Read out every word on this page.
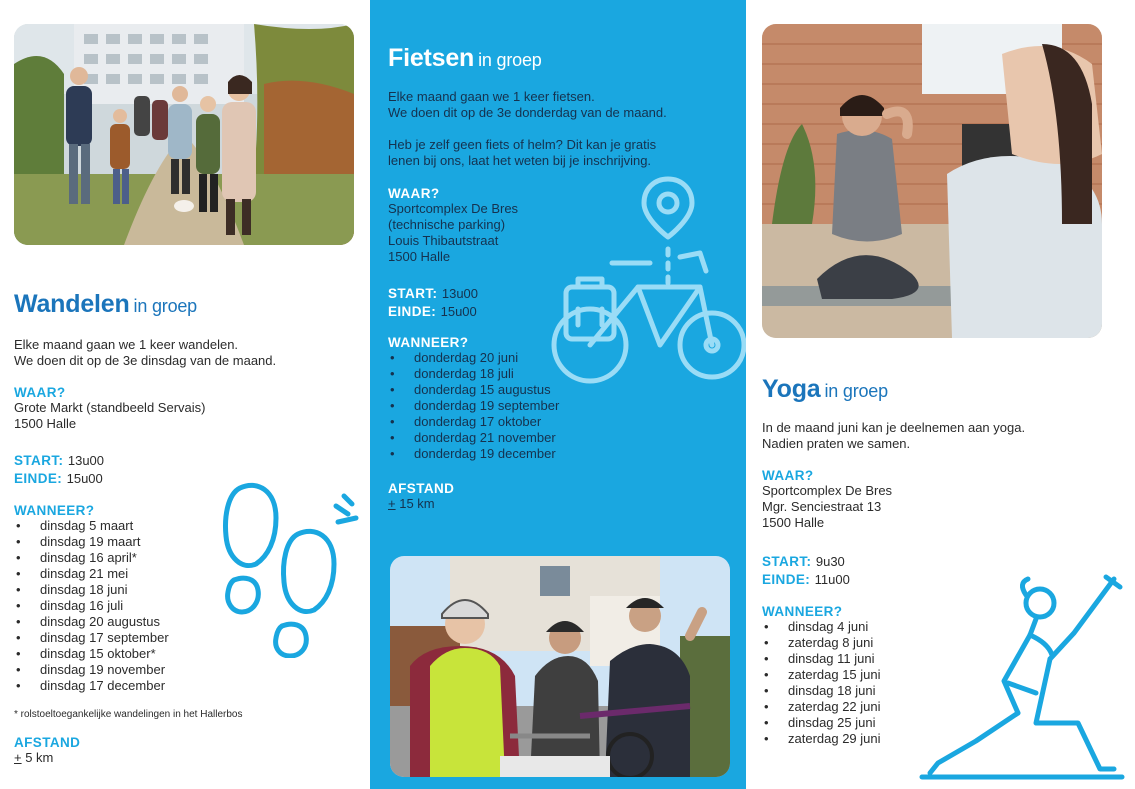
Wandelen in groep
Elke maand gaan we 1 keer wandelen.
We doen dit op de 3e dinsdag van de maand.
WAAR?
Grote Markt (standbeeld Servais)
1500 Halle
START: 13u00
EINDE: 15u00
WANNEER?
• dinsdag 5 maart
• dinsdag 19 maart
• dinsdag 16 april*
• dinsdag 21 mei
• dinsdag 18 juni
• dinsdag 16 juli
• dinsdag 20 augustus
• dinsdag 17 september
• dinsdag 15 oktober*
• dinsdag 19 november
• dinsdag 17 december
* rolstoeltoegankelijke wandelingen in het Hallerbos
AFSTAND
+ 5 km
Fietsen in groep
Elke maand gaan we 1 keer fietsen.
We doen dit op de 3e donderdag van de maand.
Heb je zelf geen fiets of helm? Dit kan je gratis
lenen bij ons, laat het weten bij je inschrijving.
WAAR?
Sportcomplex De Bres
(technische parking)
Louis Thibautstraat
1500 Halle
START: 13u00
EINDE: 15u00
WANNEER?
• donderdag 20 juni
• donderdag 18 juli
• donderdag 15 augustus
• donderdag 19 september
• donderdag 17 oktober
• donderdag 21 november
• donderdag 19 december
AFSTAND
+ 15 km
Yoga in groep
In de maand juni kan je deelnemen aan yoga.
Nadien praten we samen.
WAAR?
Sportcomplex De Bres
Mgr. Senciestraat 13
1500 Halle
START: 9u30
EINDE: 11u00
WANNEER?
• dinsdag 4 juni
• zaterdag 8 juni
• dinsdag 11 juni
• zaterdag 15 juni
• dinsdag 18 juni
• zaterdag 22 juni
• dinsdag 25 juni
• zaterdag 29 juni
